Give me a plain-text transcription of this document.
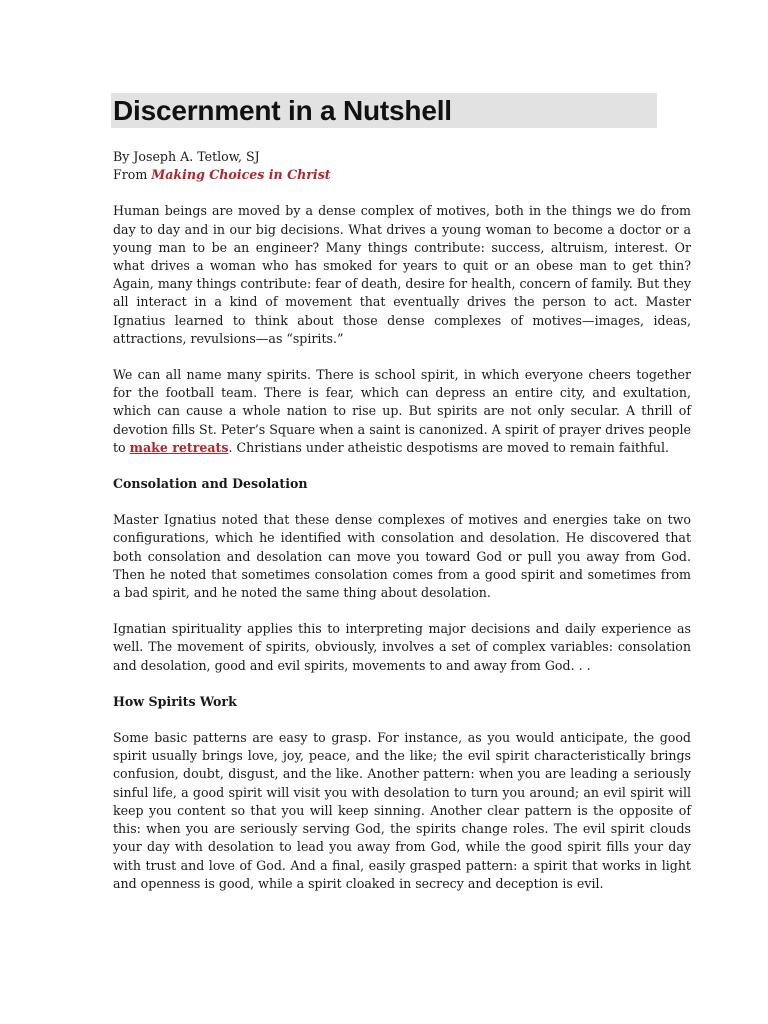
Discernment in a Nutshell

By Joseph A. Tetlow, SJ

From Making Choices in Christ

Human beings are moved by a dense complex of motives, both in the things we do from day to day and in our big decisions. What drives a young woman to become a doctor or a young man to be an engineer? Many things contribute: success, altruism, interest. Or what drives a woman who has smoked for years to quit or an obese man to get thin? Again, many things contribute: fear of death, desire for health, concern of family. But they all interact in a kind of movement that eventually drives the person to act. Master Ignatius learned to think about those dense complexes of motives—images, ideas, attractions, revulsions—as “spirits.”

We can all name many spirits. There is school spirit, in which everyone cheers together for the football team. There is fear, which can depress an entire city, and exultation, which can cause a whole nation to rise up. But spirits are not only secular. A thrill of devotion fills St. Peter’s Square when a saint is canonized. A spirit of prayer drives people to make retreats. Christians under atheistic despotisms are moved to remain faithful.

Consolation and Desolation

Master Ignatius noted that these dense complexes of motives and energies take on two configurations, which he identified with consolation and desolation. He discovered that both consolation and desolation can move you toward God or pull you away from God. Then he noted that sometimes consolation comes from a good spirit and sometimes from a bad spirit, and he noted the same thing about desolation.

Ignatian spirituality applies this to interpreting major decisions and daily experience as well. The movement of spirits, obviously, involves a set of complex variables: consolation and desolation, good and evil spirits, movements to and away from God. . .

How Spirits Work

Some basic patterns are easy to grasp. For instance, as you would anticipate, the good spirit usually brings love, joy, peace, and the like; the evil spirit characteristically brings confusion, doubt, disgust, and the like. Another pattern: when you are leading a seriously sinful life, a good spirit will visit you with desolation to turn you around; an evil spirit will keep you content so that you will keep sinning. Another clear pattern is the opposite of this: when you are seriously serving God, the spirits change roles. The evil spirit clouds your day with desolation to lead you away from God, while the good spirit fills your day with trust and love of God. And a final, easily grasped pattern: a spirit that works in light and openness is good, while a spirit cloaked in secrecy and deception is evil.
